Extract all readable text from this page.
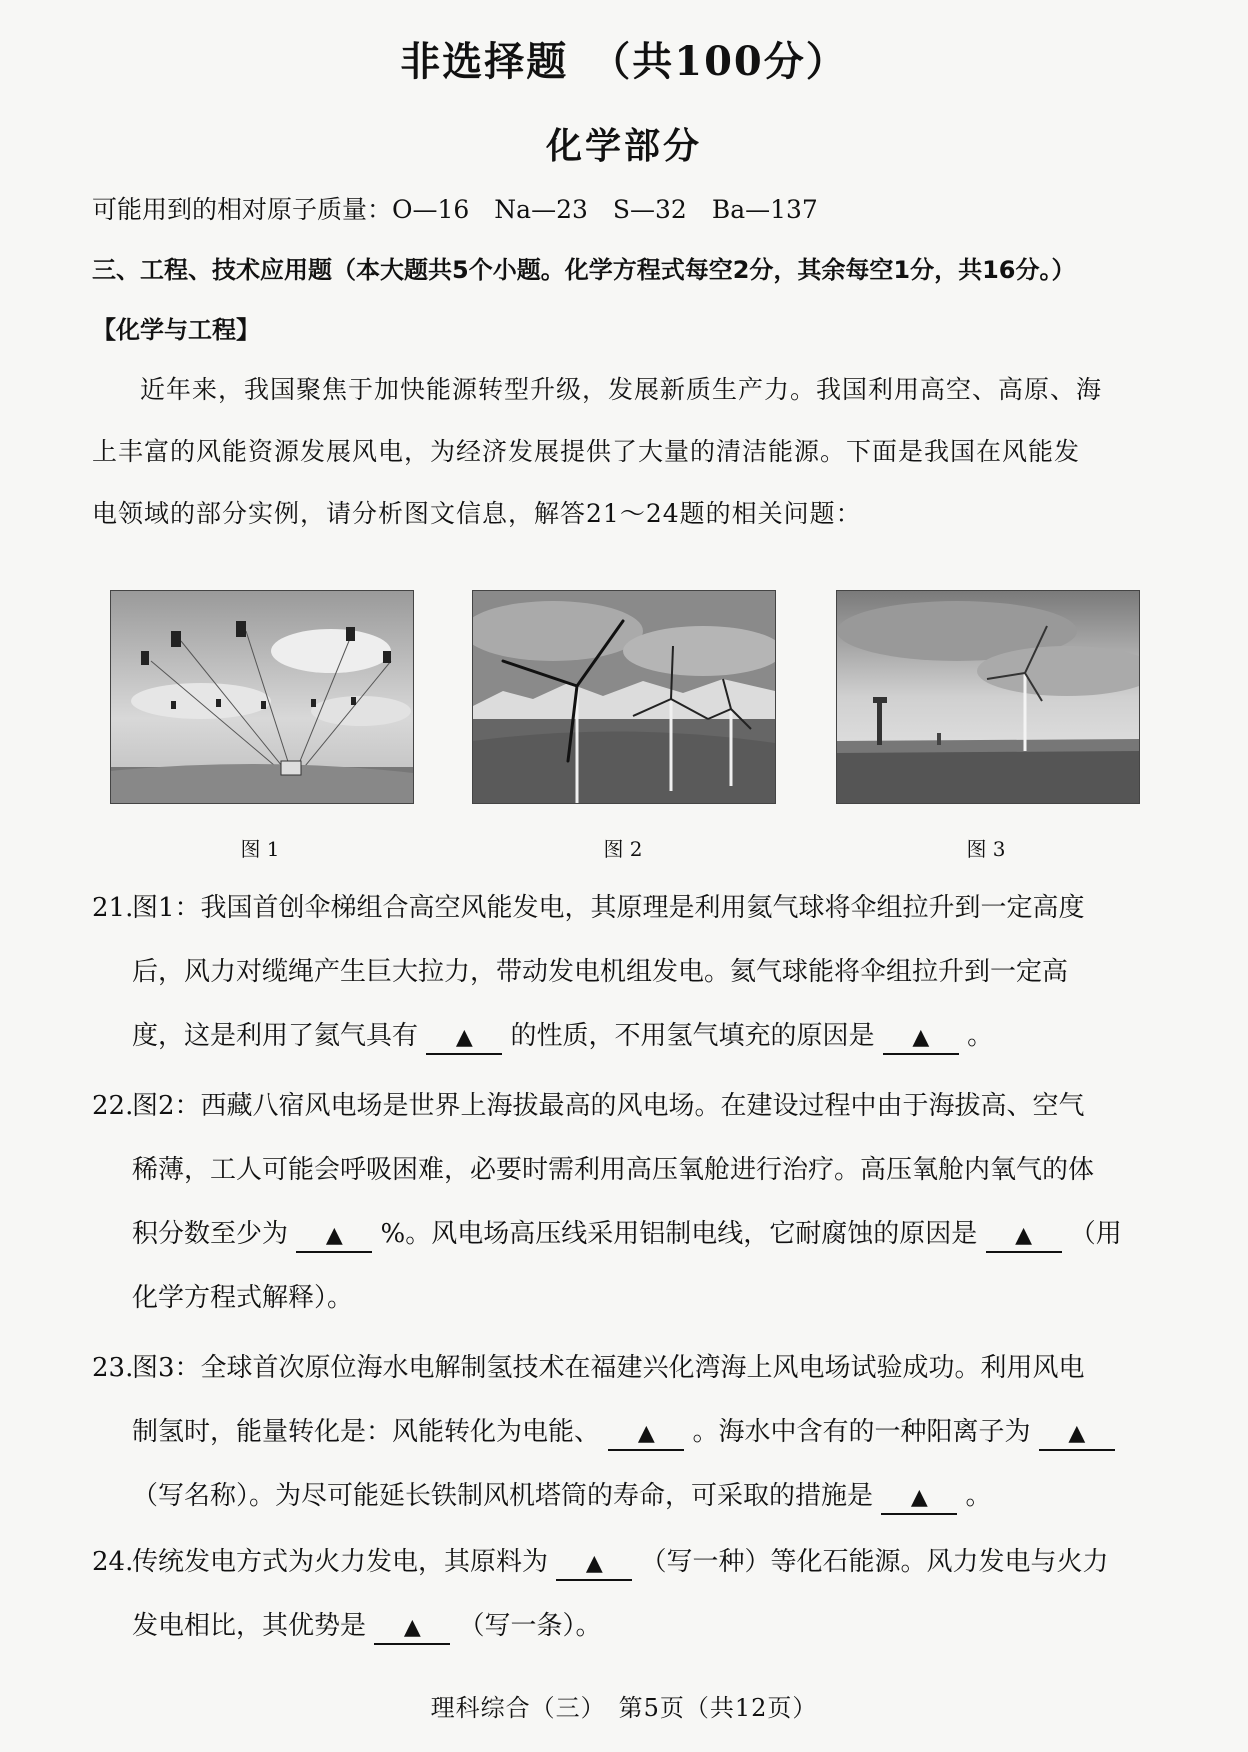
非选择题　（共100分）
化学部分
可能用到的相对原子质量：O—16　Na—23　S—32　Ba—137
三、工程、技术应用题（本大题共5个小题。化学方程式每空2分，其余每空1分，共16分。）
【化学与工程】
近年来，我国聚焦于加快能源转型升级，发展新质生产力。我国利用高空、高原、海
上丰富的风能资源发展风电，为经济发展提供了大量的清洁能源。下面是我国在风能发
电领域的部分实例，请分析图文信息，解答21～24题的相关问题：
图 1	图 2	图 3
21.
图1：我国首创伞梯组合高空风能发电，其原理是利用氦气球将伞组拉升到一定高度
后，风力对缆绳产生巨大拉力，带动发电机组发电。氦气球能将伞组拉升到一定高
度，这是利用了氦气具有 ▲ 的性质，不用氢气填充的原因是 ▲ 。
22.
图2：西藏八宿风电场是世界上海拔最高的风电场。在建设过程中由于海拔高、空气
稀薄，工人可能会呼吸困难，必要时需利用高压氧舱进行治疗。高压氧舱内氧气的体
积分数至少为 ▲ %。风电场高压线采用铝制电线，它耐腐蚀的原因是 ▲ （用
化学方程式解释）。
23.
图3：全球首次原位海水电解制氢技术在福建兴化湾海上风电场试验成功。利用风电
制氢时，能量转化是：风能转化为电能、 ▲ 。海水中含有的一种阳离子为 ▲
（写名称）。为尽可能延长铁制风机塔筒的寿命，可采取的措施是 ▲ 。
24.
传统发电方式为火力发电，其原料为 ▲ （写一种）等化石能源。风力发电与火力
发电相比，其优势是 ▲ （写一条）。
理科综合（三）　第5页（共12页）
